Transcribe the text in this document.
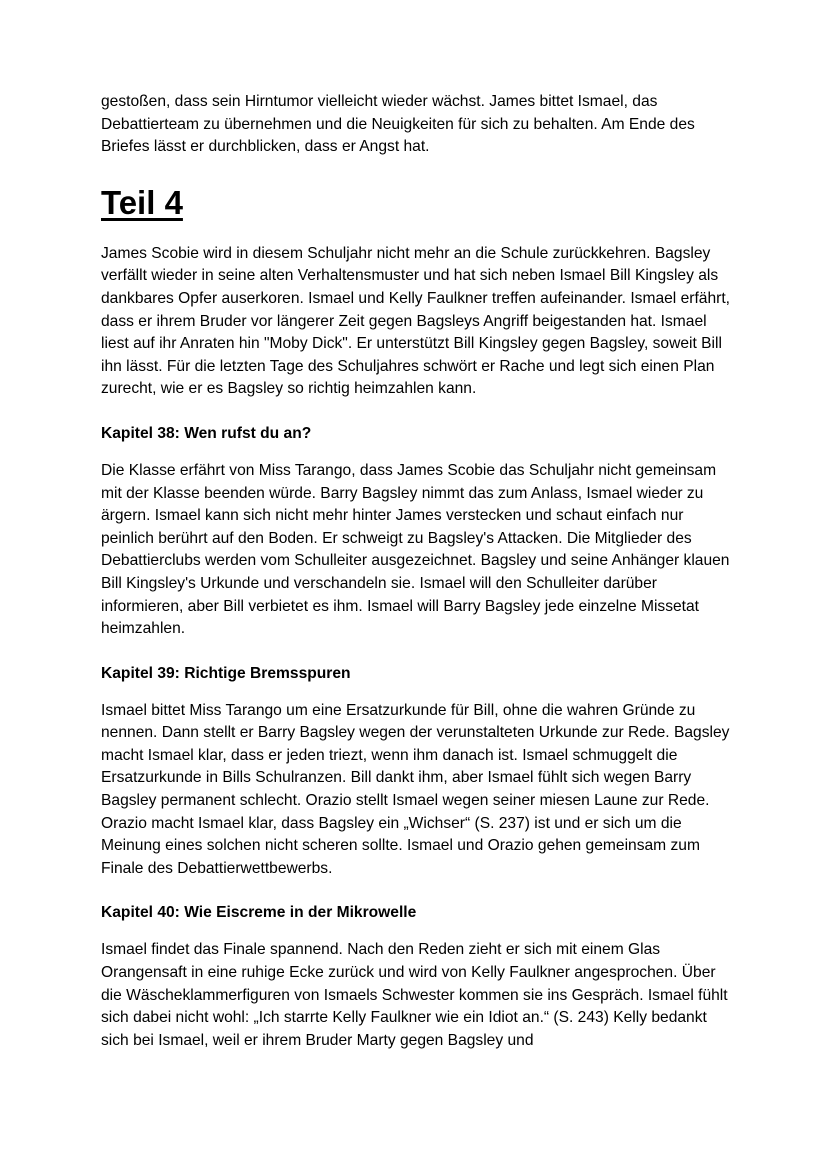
gestoßen, dass sein Hirntumor vielleicht wieder wächst. James bittet Ismael, das Debattierteam zu übernehmen und die Neuigkeiten für sich zu behalten. Am Ende des Briefes lässt er durchblicken, dass er Angst hat.

Teil 4

James Scobie wird in diesem Schuljahr nicht mehr an die Schule zurückkehren. Bagsley verfällt wieder in seine alten Verhaltensmuster und hat sich neben Ismael Bill Kingsley als dankbares Opfer auserkoren. Ismael und Kelly Faulkner treffen aufeinander. Ismael erfährt, dass er ihrem Bruder vor längerer Zeit gegen Bagsleys Angriff beigestanden hat. Ismael liest auf ihr Anraten hin "Moby Dick". Er unterstützt Bill Kingsley gegen Bagsley, soweit Bill ihn lässt. Für die letzten Tage des Schuljahres schwört er Rache und legt sich einen Plan zurecht, wie er es Bagsley so richtig heimzahlen kann.

Kapitel 38: Wen rufst du an?

Die Klasse erfährt von Miss Tarango, dass James Scobie das Schuljahr nicht gemeinsam mit der Klasse beenden würde. Barry Bagsley nimmt das zum Anlass, Ismael wieder zu ärgern. Ismael kann sich nicht mehr hinter James verstecken und schaut einfach nur peinlich berührt auf den Boden. Er schweigt zu Bagsley's Attacken. Die Mitglieder des Debattierclubs werden vom Schulleiter ausgezeichnet. Bagsley und seine Anhänger klauen Bill Kingsley's Urkunde und verschandeln sie. Ismael will den Schulleiter darüber informieren, aber Bill verbietet es ihm. Ismael will Barry Bagsley jede einzelne Missetat heimzahlen.

Kapitel 39: Richtige Bremsspuren

Ismael bittet Miss Tarango um eine Ersatzurkunde für Bill, ohne die wahren Gründe zu nennen. Dann stellt er Barry Bagsley wegen der verunstalteten Urkunde zur Rede. Bagsley macht Ismael klar, dass er jeden triezt, wenn ihm danach ist. Ismael schmuggelt die Ersatzurkunde in Bills Schulranzen. Bill dankt ihm, aber Ismael fühlt sich wegen Barry Bagsley permanent schlecht. Orazio stellt Ismael wegen seiner miesen Laune zur Rede. Orazio macht Ismael klar, dass Bagsley ein „Wichser“ (S. 237) ist und er sich um die Meinung eines solchen nicht scheren sollte. Ismael und Orazio gehen gemeinsam zum Finale des Debattierwettbewerbs.

Kapitel 40: Wie Eiscreme in der Mikrowelle

Ismael findet das Finale spannend. Nach den Reden zieht er sich mit einem Glas Orangensaft in eine ruhige Ecke zurück und wird von Kelly Faulkner angesprochen. Über die Wäscheklammerfiguren von Ismaels Schwester kommen sie ins Gespräch. Ismael fühlt sich dabei nicht wohl: „Ich starrte Kelly Faulkner wie ein Idiot an.“ (S. 243) Kelly bedankt sich bei Ismael, weil er ihrem Bruder Marty gegen Bagsley und
